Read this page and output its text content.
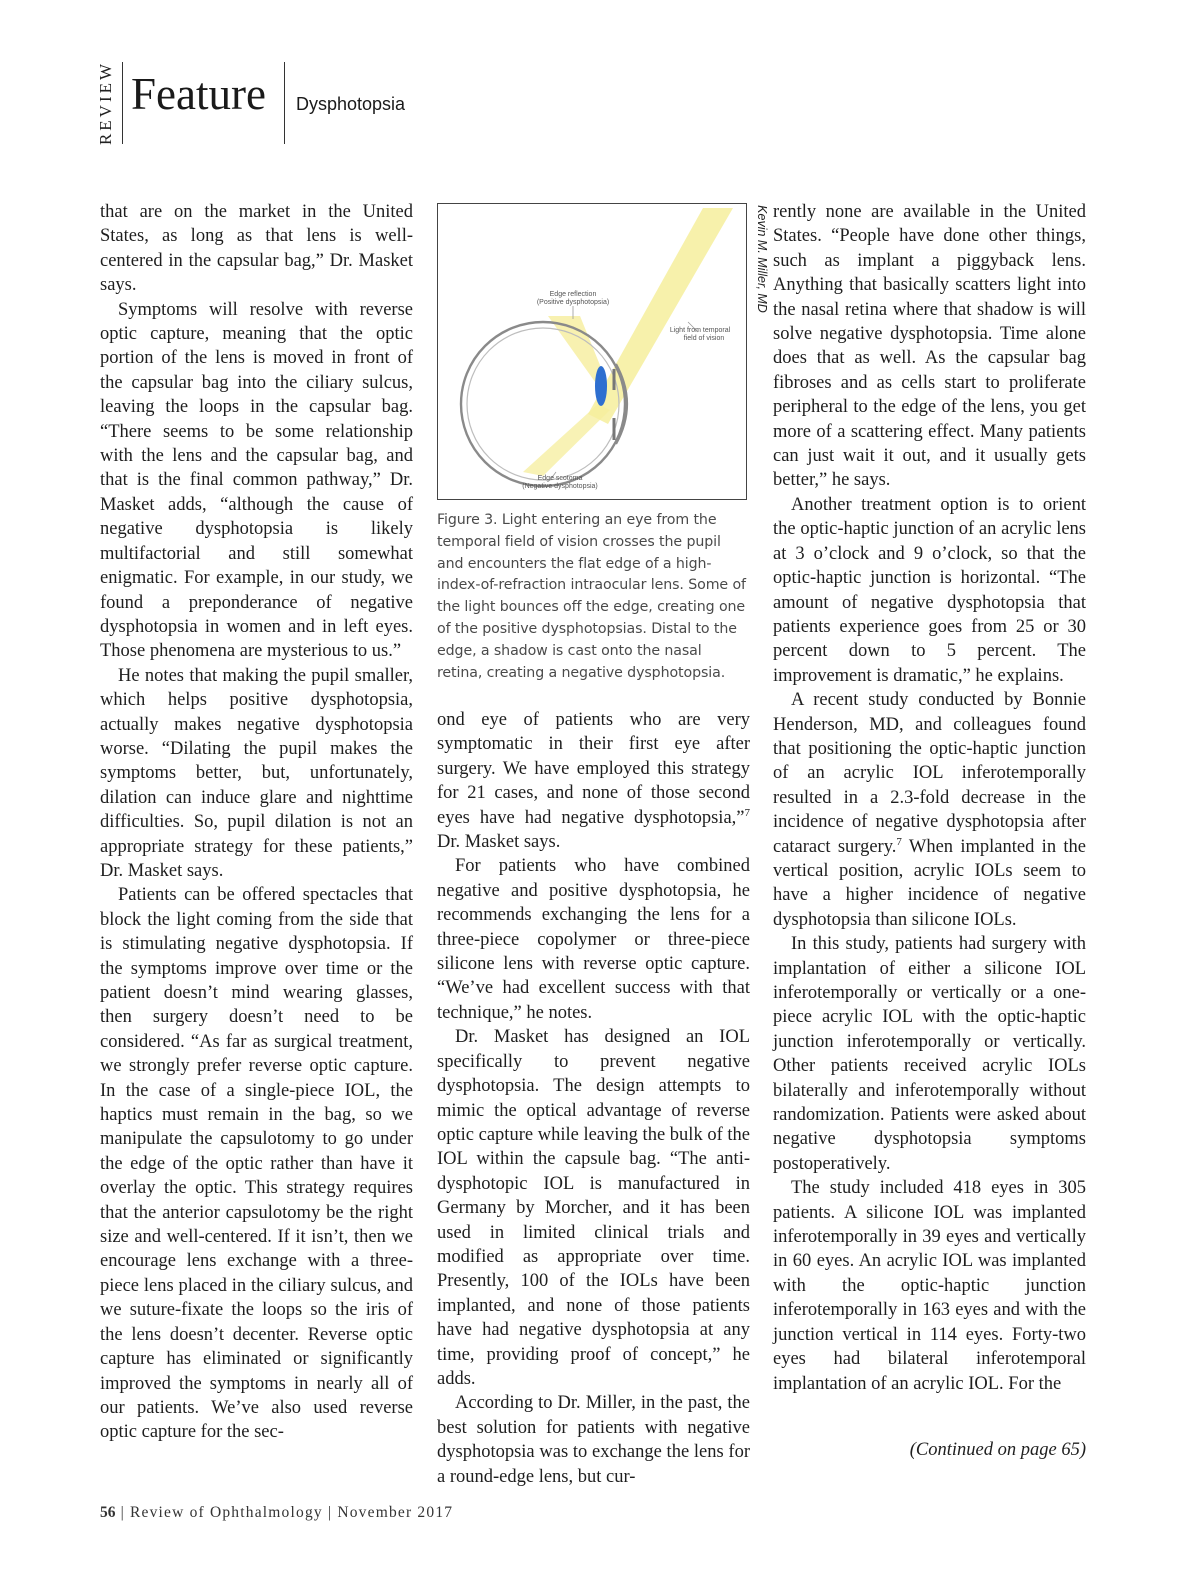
REVIEW Feature Dysphotopsia

that are on the market in the United States, as long as that lens is well-centered in the capsular bag,” Dr. Masket says.

Symptoms will resolve with reverse optic capture, meaning that the optic portion of the lens is moved in front of the capsular bag into the ciliary sulcus, leaving the loops in the capsular bag. “There seems to be some relationship with the lens and the capsular bag, and that is the final common pathway,” Dr. Masket adds, “although the cause of negative dysphotopsia is likely multifactorial and still somewhat enigmatic. For example, in our study, we found a preponderance of negative dysphotopsia in women and in left eyes. Those phenomena are mysterious to us.”

He notes that making the pupil smaller, which helps positive dysphotopsia, actually makes negative dysphotopsia worse. “Dilating the pupil makes the symptoms better, but, unfortunately, dilation can induce glare and nighttime difficulties. So, pupil dilation is not an appropriate strategy for these patients,” Dr. Masket says.

Patients can be offered spectacles that block the light coming from the side that is stimulating negative dysphotopsia. If the symptoms improve over time or the patient doesn’t mind wearing glasses, then surgery doesn’t need to be considered. “As far as surgical treatment, we strongly prefer reverse optic capture. In the case of a single-piece IOL, the haptics must remain in the bag, so we manipulate the capsulotomy to go under the edge of the optic rather than have it overlay the optic. This strategy requires that the anterior capsulotomy be the right size and well-centered. If it isn’t, then we encourage lens exchange with a three-piece lens placed in the ciliary sulcus, and we suture-fixate the loops so the iris of the lens doesn’t decenter. Reverse optic capture has eliminated or significantly improved the symptoms in nearly all of our patients. We’ve also used reverse optic capture for the sec-

Edge reflection
(Positive dysphotopsia)
Light from temporal
field of vision
Edge scotoma
(Negative dysphotopsia)
Kevin M. Miller, MD
Figure 3. Light entering an eye from the temporal field of vision crosses the pupil and encounters the flat edge of a high-index-of-refraction intraocular lens. Some of the light bounces off the edge, creating one of the positive dysphotopsias. Distal to the edge, a shadow is cast onto the nasal retina, creating a negative dysphotopsia.

ond eye of patients who are very symptomatic in their first eye after surgery. We have employed this strategy for 21 cases, and none of those second eyes have had negative dysphotopsia,”$^7$ Dr. Masket says.

For patients who have combined negative and positive dysphotopsia, he recommends exchanging the lens for a three-piece copolymer or three-piece silicone lens with reverse optic capture. “We’ve had excellent success with that technique,” he notes.

Dr. Masket has designed an IOL specifically to prevent negative dysphotopsia. The design attempts to mimic the optical advantage of reverse optic capture while leaving the bulk of the IOL within the capsule bag. “The anti-dysphotopic IOL is manufactured in Germany by Morcher, and it has been used in limited clinical trials and modified as appropriate over time. Presently, 100 of the IOLs have been implanted, and none of those patients have had negative dysphotopsia at any time, providing proof of concept,” he adds.

According to Dr. Miller, in the past, the best solution for patients with negative dysphotopsia was to exchange the lens for a round-edge lens, but cur-

rently none are available in the United States. “People have done other things, such as implant a piggyback lens. Anything that basically scatters light into the nasal retina where that shadow is will solve negative dysphotopsia. Time alone does that as well. As the capsular bag fibroses and as cells start to proliferate peripheral to the edge of the lens, you get more of a scattering effect. Many patients can just wait it out, and it usually gets better,” he says.

Another treatment option is to orient the optic-haptic junction of an acrylic lens at 3 o’clock and 9 o’clock, so that the optic-haptic junction is horizontal. “The amount of negative dysphotopsia that patients experience goes from 25 or 30 percent down to 5 percent. The improvement is dramatic,” he explains.

A recent study conducted by Bonnie Henderson, MD, and colleagues found that positioning the optic-haptic junction of an acrylic IOL inferotemporally resulted in a 2.3-fold decrease in the incidence of negative dysphotopsia after cataract surgery.$^7$ When implanted in the vertical position, acrylic IOLs seem to have a higher incidence of negative dysphotopsia than silicone IOLs.

In this study, patients had surgery with implantation of either a silicone IOL inferotemporally or vertically or a one-piece acrylic IOL with the optic-haptic junction inferotemporally or vertically. Other patients received acrylic IOLs bilaterally and inferotemporally without randomization. Patients were asked about negative dysphotopsia symptoms postoperatively.

The study included 418 eyes in 305 patients. A silicone IOL was implanted inferotemporally in 39 eyes and vertically in 60 eyes. An acrylic IOL was implanted with the optic-haptic junction inferotemporally in 163 eyes and with the junction vertical in 114 eyes. Forty-two eyes had bilateral inferotemporal implantation of an acrylic IOL. For the

(Continued on page 65)
56 | Review of Ophthalmology | November 2017
